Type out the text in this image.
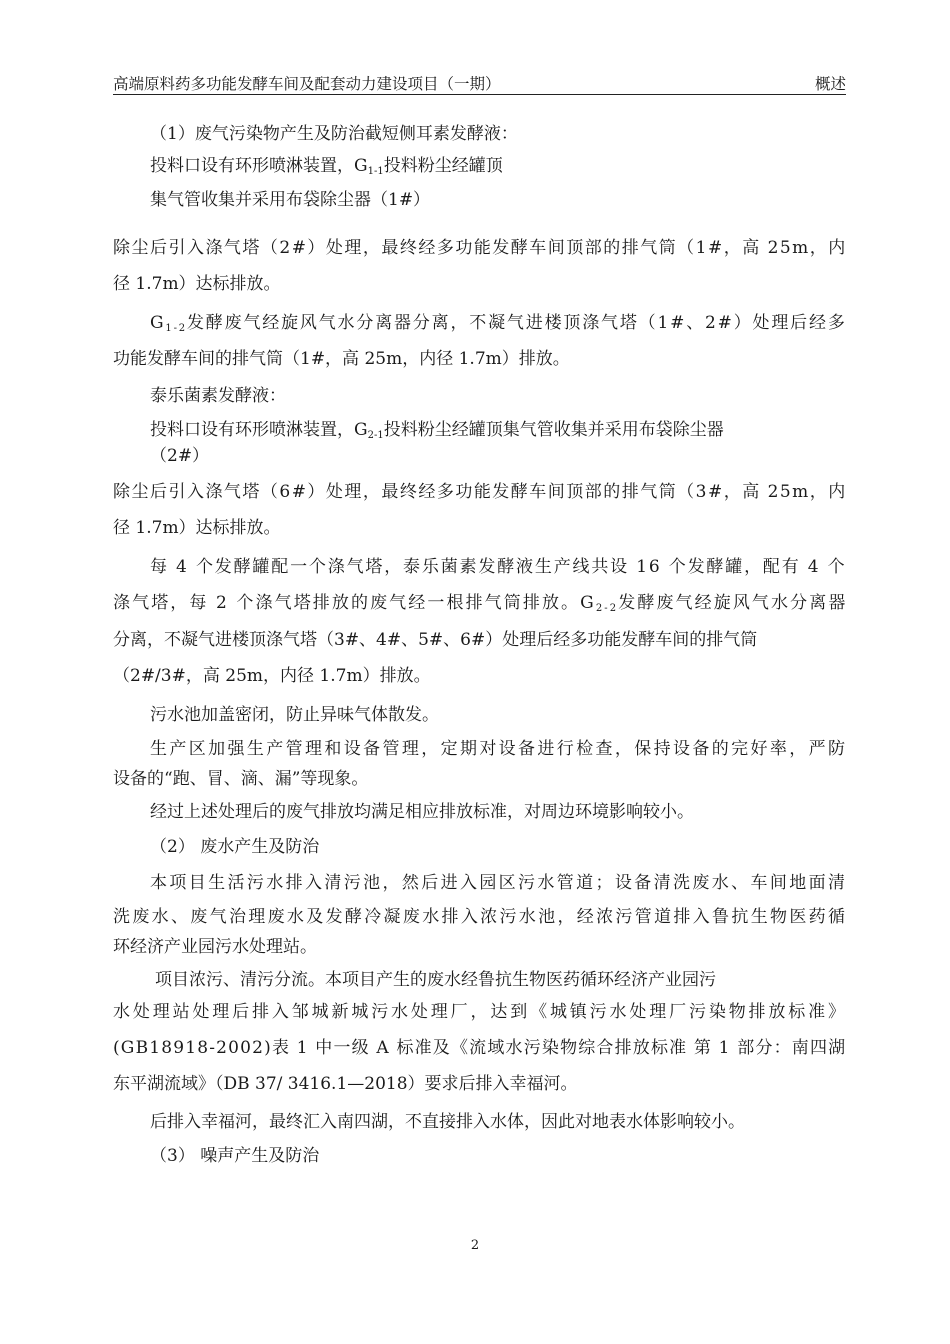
高端原料药多功能发酵车间及配套动力建设项目（一期）	概述
（1）废气污染物产生及防治截短侧耳素发酵液：
投料口设有环形喷淋装置，$G_{1-1}$投料粉尘经罐顶
集气管收集并采用布袋除尘器（1#）
除尘后引入涤气塔（2#）处理，最终经多功能发酵车间顶部的排气筒（1#，高 25m，内
径 1.7m）达标排放。
$G_{1-2}$发酵废气经旋风气水分离器分离，不凝气进楼顶涤气塔（1#、2#）处理后经多
功能发酵车间的排气筒（1#，高 25m，内径 1.7m）排放。
泰乐菌素发酵液：
投料口设有环形喷淋装置，$G_{2-1}$投料粉尘经罐顶集气管收集并采用布袋除尘器
（2#）
除尘后引入涤气塔（6#）处理，最终经多功能发酵车间顶部的排气筒（3#，高 25m，内
径 1.7m）达标排放。
每 4 个发酵罐配一个涤气塔，泰乐菌素发酵液生产线共设 16 个发酵罐，配有 4 个
涤气塔，每 2 个涤气塔排放的废气经一根排气筒排放。$G_{2-2}$发酵废气经旋风气水分离器
分离，不凝气进楼顶涤气塔（3#、4#、5#、6#）处理后经多功能发酵车间的排气筒
（2#/3#，高 25m，内径 1.7m）排放。
污水池加盖密闭，防止异味气体散发。
生产区加强生产管理和设备管理，定期对设备进行检查，保持设备的完好率，严防
设备的“跑、冒、滴、漏”等现象。
经过上述处理后的废气排放均满足相应排放标准，对周边环境影响较小。
（2） 废水产生及防治
本项目生活污水排入清污池，然后进入园区污水管道；设备清洗废水、车间地面清
洗废水、废气治理废水及发酵冷凝废水排入浓污水池，经浓污管道排入鲁抗生物医药循
环经济产业园污水处理站。
项目浓污、清污分流。本项目产生的废水经鲁抗生物医药循环经济产业园污
水处理站处理后排入邹城新城污水处理厂，达到《城镇污水处理厂污染物排放标准》
(GB18918-2002)表 1 中一级 A 标准及《流域水污染物综合排放标准 第 1 部分：南四湖
东平湖流域》（DB 37/ 3416.1—2018）要求后排入幸福河。
后排入幸福河，最终汇入南四湖，不直接排入水体，因此对地表水体影响较小。
（3） 噪声产生及防治
2
